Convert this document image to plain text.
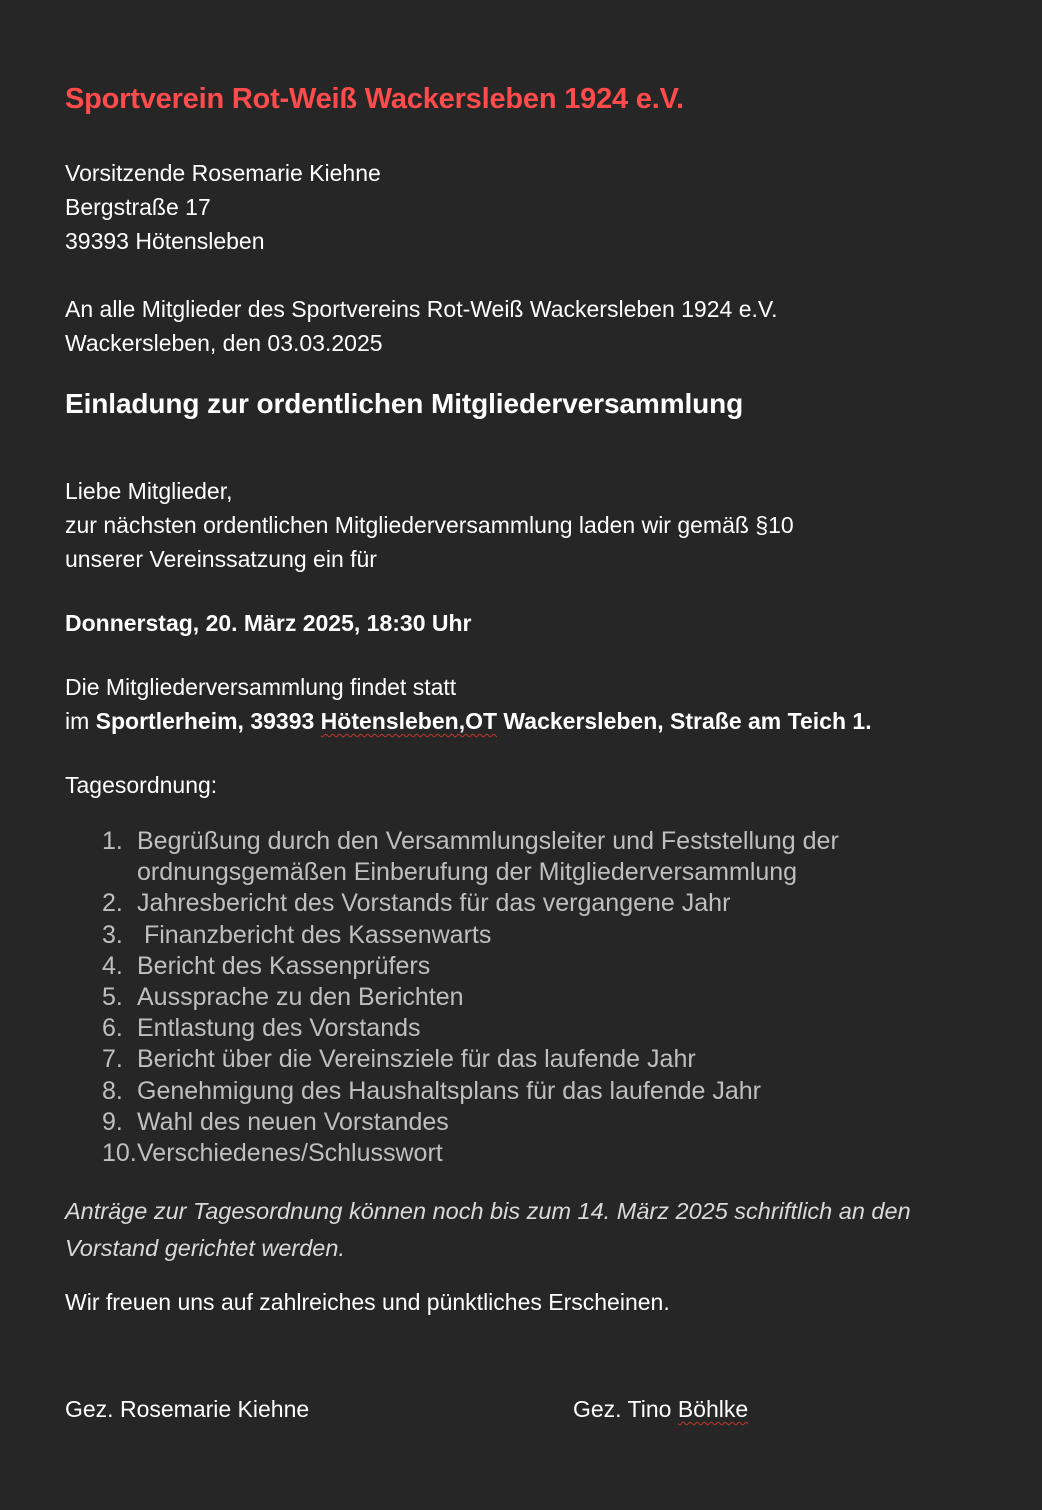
Sportverein Rot-Weiß Wackersleben 1924 e.V.
Vorsitzende Rosemarie Kiehne
Bergstraße 17
39393 Hötensleben
An alle Mitglieder des Sportvereins Rot-Weiß Wackersleben 1924 e.V.
Wackersleben, den 03.03.2025
Einladung zur ordentlichen Mitgliederversammlung
Liebe Mitglieder,
zur nächsten ordentlichen Mitgliederversammlung laden wir gemäß §10
unserer Vereinssatzung ein für
Donnerstag, 20. März 2025, 18:30 Uhr
Die Mitgliederversammlung findet statt
im Sportlerheim, 39393 Hötensleben,OT Wackersleben, Straße am Teich 1.
Tagesordnung:
1. Begrüßung durch den Versammlungsleiter und Feststellung der
ordnungsgemäßen Einberufung der Mitgliederversammlung
2. Jahresbericht des Vorstands für das vergangene Jahr
3. Finanzbericht des Kassenwarts
4. Bericht des Kassenprüfers
5. Aussprache zu den Berichten
6. Entlastung des Vorstands
7. Bericht über die Vereinsziele für das laufende Jahr
8. Genehmigung des Haushaltsplans für das laufende Jahr
9. Wahl des neuen Vorstandes
10. Verschiedenes/Schlusswort

Anträge zur Tagesordnung können noch bis zum 14. März 2025 schriftlich an den Vorstand gerichtet werden.

Wir freuen uns auf zahlreiches und pünktliches Erscheinen.
Gez. Rosemarie Kiehne	Gez. Tino Böhlke
